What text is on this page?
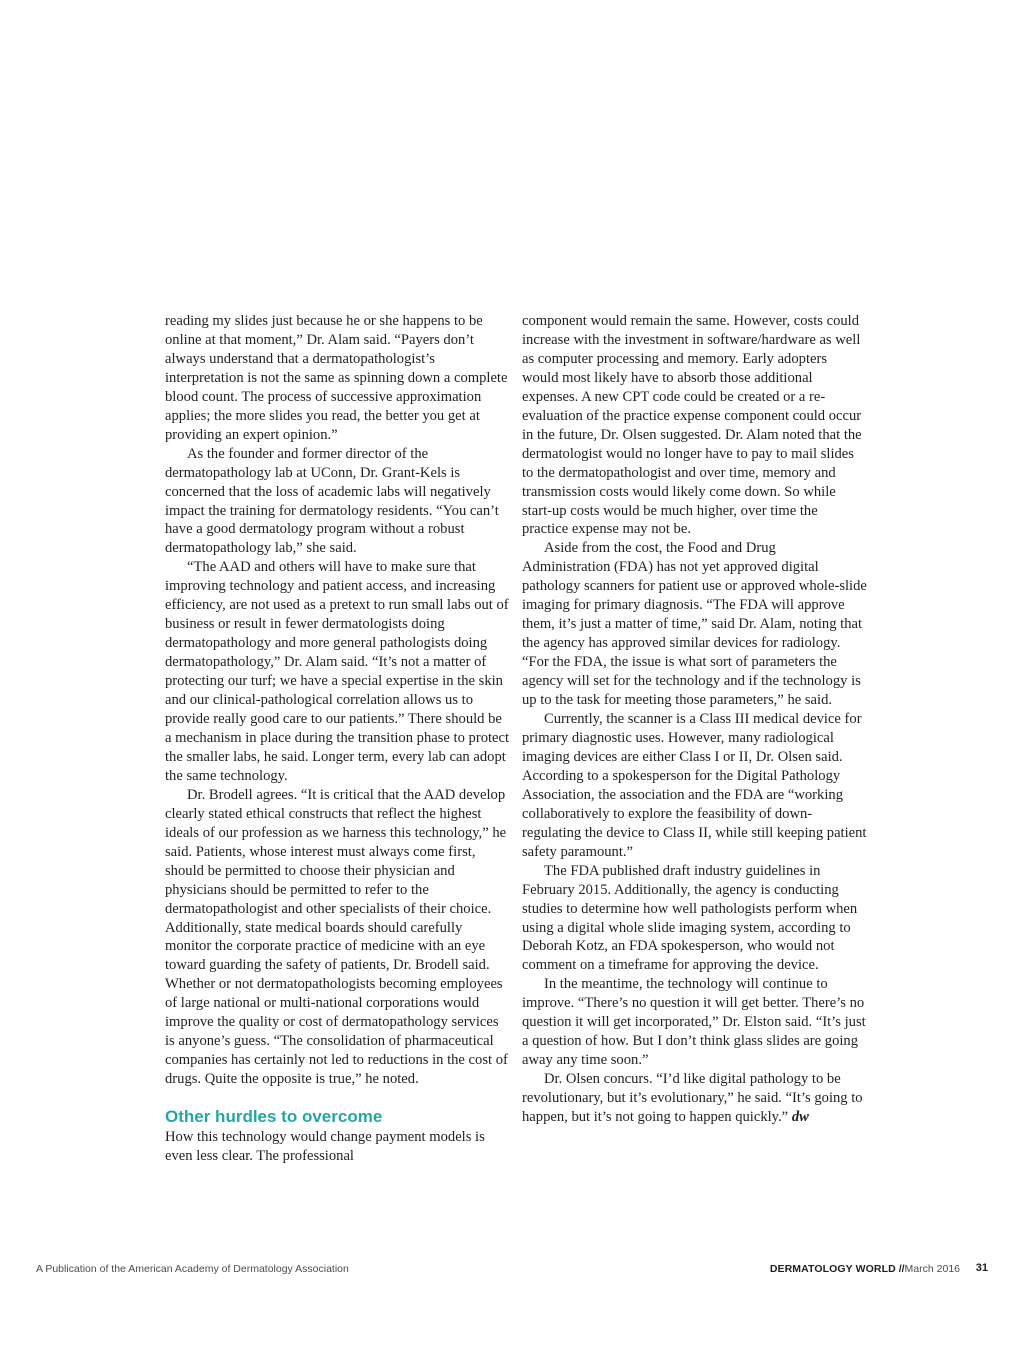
reading my slides just because he or she happens to be online at that moment,” Dr. Alam said. “Payers don’t always understand that a dermatopathologist’s interpretation is not the same as spinning down a complete blood count. The process of successive approximation applies; the more slides you read, the better you get at providing an expert opinion.”

As the founder and former director of the dermatopathology lab at UConn, Dr. Grant-Kels is concerned that the loss of academic labs will negatively impact the training for dermatology residents. “You can’t have a good dermatology program without a robust dermatopathology lab,” she said.

“The AAD and others will have to make sure that improving technology and patient access, and increasing efficiency, are not used as a pretext to run small labs out of business or result in fewer dermatologists doing dermatopathology and more general pathologists doing dermatopathology,” Dr. Alam said. “It’s not a matter of protecting our turf; we have a special expertise in the skin and our clinical-pathological correlation allows us to provide really good care to our patients.” There should be a mechanism in place during the transition phase to protect the smaller labs, he said. Longer term, every lab can adopt the same technology.

Dr. Brodell agrees. “It is critical that the AAD develop clearly stated ethical constructs that reflect the highest ideals of our profession as we harness this technology,” he said. Patients, whose interest must always come first, should be permitted to choose their physician and physicians should be permitted to refer to the dermatopathologist and other specialists of their choice. Additionally, state medical boards should carefully monitor the corporate practice of medicine with an eye toward guarding the safety of patients, Dr. Brodell said. Whether or not dermatopathologists becoming employees of large national or multi-national corporations would improve the quality or cost of dermatopathology services is anyone’s guess. “The consolidation of pharmaceutical companies has certainly not led to reductions in the cost of drugs. Quite the opposite is true,” he noted.

Other hurdles to overcome

How this technology would change payment models is even less clear. The professional

component would remain the same. However, costs could increase with the investment in software/hardware as well as computer processing and memory. Early adopters would most likely have to absorb those additional expenses. A new CPT code could be created or a re-evaluation of the practice expense component could occur in the future, Dr. Olsen suggested. Dr. Alam noted that the dermatologist would no longer have to pay to mail slides to the dermatopathologist and over time, memory and transmission costs would likely come down. So while start-up costs would be much higher, over time the practice expense may not be.

Aside from the cost, the Food and Drug Administration (FDA) has not yet approved digital pathology scanners for patient use or approved whole-slide imaging for primary diagnosis. “The FDA will approve them, it’s just a matter of time,” said Dr. Alam, noting that the agency has approved similar devices for radiology. “For the FDA, the issue is what sort of parameters the agency will set for the technology and if the technology is up to the task for meeting those parameters,” he said.

Currently, the scanner is a Class III medical device for primary diagnostic uses. However, many radiological imaging devices are either Class I or II, Dr. Olsen said. According to a spokesperson for the Digital Pathology Association, the association and the FDA are “working collaboratively to explore the feasibility of down-regulating the device to Class II, while still keeping patient safety paramount.”

The FDA published draft industry guidelines in February 2015. Additionally, the agency is conducting studies to determine how well pathologists perform when using a digital whole slide imaging system, according to Deborah Kotz, an FDA spokesperson, who would not comment on a timeframe for approving the device.

In the meantime, the technology will continue to improve. “There’s no question it will get better. There’s no question it will get incorporated,” Dr. Elston said. “It’s just a question of how. But I don’t think glass slides are going away any time soon.”

Dr. Olsen concurs. “I’d like digital pathology to be revolutionary, but it’s evolutionary,” he said. “It’s going to happen, but it’s not going to happen quickly.” dw

A Publication of the American Academy of Dermatology Association	DERMATOLOGY WORLD //March 2016 31
